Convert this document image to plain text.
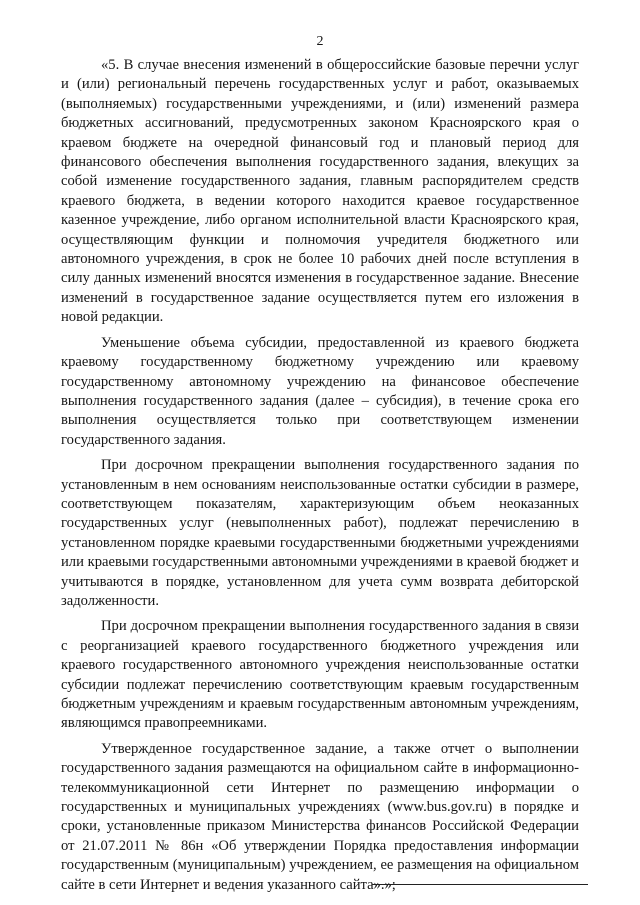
2

«5. В случае внесения изменений в общероссийские базовые перечни услуг и (или) региональный перечень государственных услуг и работ, оказываемых (выполняемых) государственными учреждениями, и (или) изменений размера бюджетных ассигнований, предусмотренных законом Красноярского края о краевом бюджете на очередной финансовый год и плановый период для финансового обеспечения выполнения государственного задания, влекущих за собой изменение государственного задания, главным распорядителем средств краевого бюджета, в ведении которого находится краевое государственное казенное учреждение, либо органом исполнительной власти Красноярского края, осуществляющим функции и полномочия учредителя бюджетного или автономного учреждения, в срок не более 10 рабочих дней после вступления в силу данных изменений вносятся изменения в государственное задание. Внесение изменений в государственное задание осуществляется путем его изложения в новой редакции.

Уменьшение объема субсидии, предоставленной из краевого бюджета краевому государственному бюджетному учреждению или краевому государственному автономному учреждению на финансовое обеспечение выполнения государственного задания (далее – субсидия), в течение срока его выполнения осуществляется только при соответствующем изменении государственного задания.

При досрочном прекращении выполнения государственного задания по установленным в нем основаниям неиспользованные остатки субсидии в размере, соответствующем показателям, характеризующим объем неоказанных государственных услуг (невыполненных работ), подлежат перечислению в установленном порядке краевыми государственными бюджетными учреждениями или краевыми государственными автономными учреждениями в краевой бюджет и учитываются в порядке, установленном для учета сумм возврата дебиторской задолженности.

При досрочном прекращении выполнения государственного задания в связи с реорганизацией краевого государственного бюджетного учреждения или краевого государственного автономного учреждения неиспользованные остатки субсидии подлежат перечислению соответствующим краевым государственным бюджетным учреждениям и краевым государственным автономным учреждениям, являющимся правопреемниками.

Утвержденное государственное задание, а также отчет о выполнении государственного задания размещаются на официальном сайте в информационно-телекоммуникационной сети Интернет по размещению информации о государственных и муниципальных учреждениях (www.bus.gov.ru) в порядке и сроки, установленные приказом Министерства финансов Российской Федерации от 21.07.2011 № 86н «Об утверждении Порядка предоставления информации государственным (муниципальным) учреждением, ее размещения на официальном сайте в сети Интернет и ведения указанного сайта».»;
